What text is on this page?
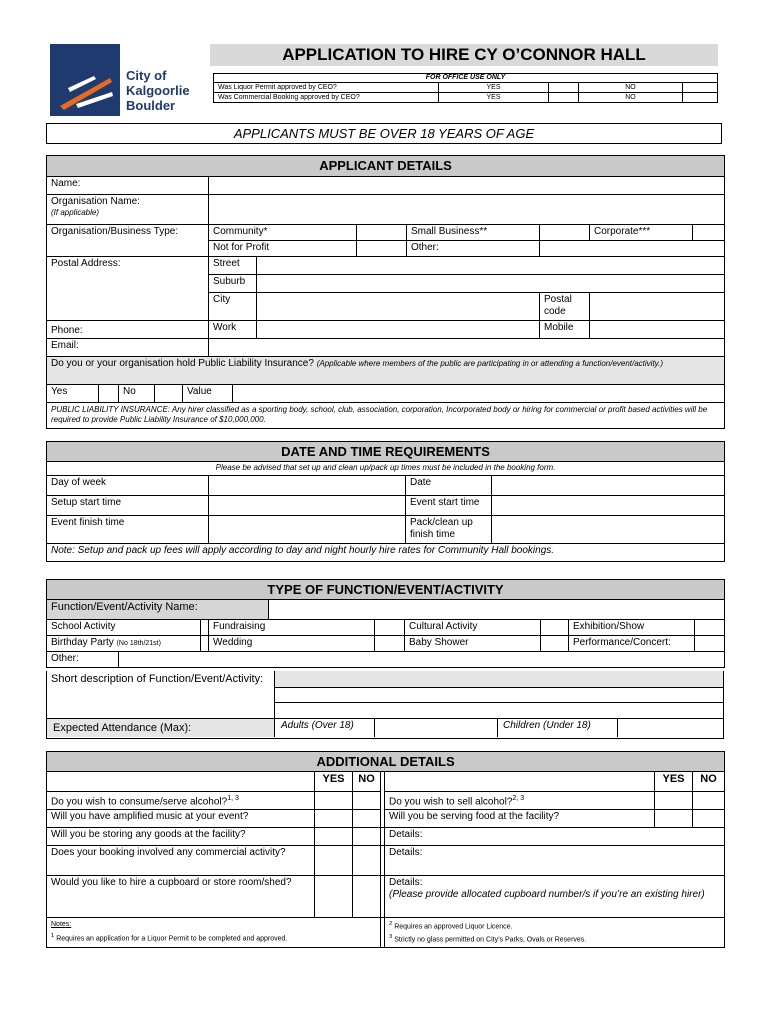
City of
Kalgoorlie
Boulder
APPLICATION TO HIRE CY O’CONNOR HALL
FOR OFFICE USE ONLY				
Was Liquor Permit approved by CEO?	YES		NO	
Was Commercial Booking approved by CEO?	YES		NO	
APPLICANTS MUST BE OVER 18 YEARS OF AGE
APPLICANT DETAILS							
Name:							

Organisation Name:
(If applicable)							

Organisation/Business Type:	Community*			Small Business**		Corporate***	
	Not for Profit			Other:			
Postal Address:	Street						
	Suburb						
	City				Postal code		
Phone:	Work				Mobile		
Email:							
Do you or your organisation hold Public Liability Insurance? (Applicable where members of the public are participating in or attending a function/event/activity.)							
Yes		No		Value	
PUBLIC LIABILITY INSURANCE: Any hirer classified as a sporting body, school, club, association, corporation, Incorporated body or hiring for commercial or profit based activities will be required to provide Public Liability Insurance of $10,000,000.
DATE AND TIME REQUIREMENTS			
Please be advised that set up and clean up/pack up times must be included in the booking form.			
Day of week		Date	
Setup start time		Event start time	
Event finish time		Pack/clean up finish time	
Note: Setup and pack up fees will apply according to day and night hourly hire rates for Community Hall bookings.			
TYPE OF FUNCTION/EVENT/ACTIVITY									
Function/Event/Activity Name:									
School Activity			Fundraising			Cultural Activity		Exhibition/Show	
Birthday Party (No 18th/21st)			Wedding			Baby Shower		Performance/Concert:	
Other:									
Short description of Function/Event/Activity:
Expected Attendance (Max):	Adults (Over 18)	Children (Under 18)
ADDITIONAL DETAILS						
	YES	NO			YES	NO
Do you wish to consume/serve alcohol?$^{1, 3}$				Do you wish to sell alcohol?$^{2, 3}$		
Will you have amplified music at your event?				Will you be serving food at the facility?		
Will you be storing any goods at the facility?				Details:		
Does your booking involved any commercial activity?				Details:		
Would you like to hire a cupboard or store room/shed?				Details:
(Please provide allocated cupboard number/s if you’re an existing hirer)		

Notes:
$^1$ Requires an application for a Liquor Permit to be completed and approved.				$^2$ Requires an approved Liquor Licence.
$^3$ Strictly no glass permitted on City’s Parks, Ovals or Reserves.		
